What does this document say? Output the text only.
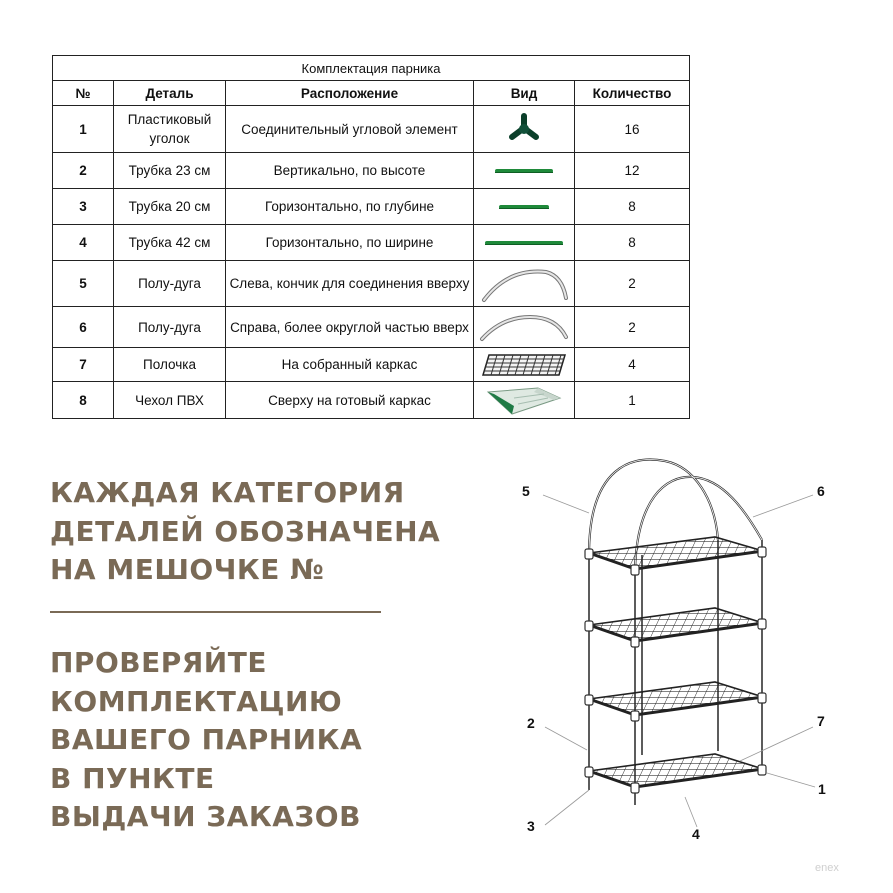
Комплектация парника				
№	Деталь	Расположение	Вид	Количество
1	Пластиковый уголок	Соединительный угловой элемент		16
2	Трубка 23 см	Вертикально, по высоте		12
3	Трубка 20 см	Горизонтально, по глубине		8
4	Трубка 42 см	Горизонтально, по ширине		8
5	Полу-дуга	Слева, кончик для соединения вверху		2
6	Полу-дуга	Справа, более округлой частью вверх		2
7	Полочка	На собранный каркас		4
8	Чехол ПВХ	Сверху на готовый каркас		1
КАЖДАЯ КАТЕГОРИЯ
ДЕТАЛЕЙ ОБОЗНАЧЕНА
НА МЕШОЧКЕ №
ПРОВЕРЯЙТЕ
КОМПЛЕКТАЦИЮ
ВАШЕГО ПАРНИКА
В ПУНКТЕ
ВЫДАЧИ ЗАКАЗОВ
5	6
2	7
1
3	4
enex
